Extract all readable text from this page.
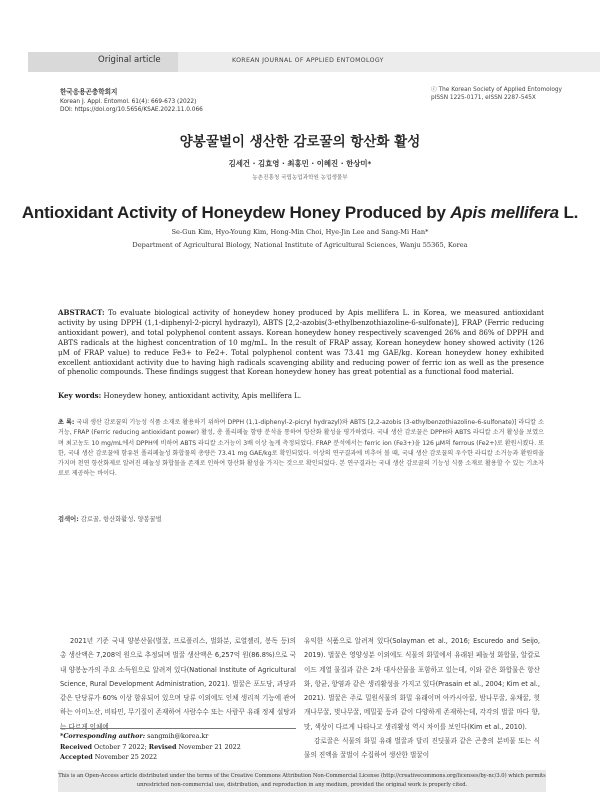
Original article	KOREAN JOURNAL OF APPLIED ENTOMOLOGY
한국응용곤충학회지
Korean J. Appl. Entomol. 61(4): 669-673 (2022)
DOI: https://doi.org/10.5656/KSAE.2022.11.0.066
ⓒ The Korean Society of Applied Entomology
pISSN 1225-0171, eISSN 2287-545X
양봉꿀벌이 생산한 감로꿀의 항산화 활성
김세건 · 김효영 · 최홍민 · 이혜진 · 한상미*
농촌진흥청 국립농업과학원 농업생물부
Antioxidant Activity of Honeydew Honey Produced by Apis mellifera L.
Se-Gun Kim, Hyo-Young Kim, Hong-Min Choi, Hye-Jin Lee and Sang-Mi Han*
Department of Agricultural Biology, National Institute of Agricultural Sciences, Wanju 55365, Korea
ABSTRACT: To evaluate biological activity of honeydew honey produced by Apis mellifera L. in Korea, we measured antioxidant activity by using DPPH (1,1-diphenyl-2-picryl hydrazyl), ABTS [2,2-azobis(3-ethylbenzothiazoline-6-sulfonate)], FRAP (Ferric reducing antioxidant power), and total polyphenol content assays. Korean honeydew honey respectively scavenged 26% and 86% of DPPH and ABTS radicals at the highest concentration of 10 mg/mL. In the result of FRAP assay, Korean honeydew honey showed activity (126 μM of FRAP value) to reduce Fe3+ to Fe2+. Total polyphenol content was 73.41 mg GAE/kg. Korean honeydew honey exhibited excellent antioxidant activity due to having high radicals scavenging ability and reducing power of ferric ion as well as the presence of phenolic compounds. These findings suggest that Korean honeydew honey has great potential as a functional food material.
Key words: Honeydew honey, antioxidant activity, Apis mellifera L.
초 록: 국내 생산 감로꿀의 기능성 식품 소재로 활용하기 위하여 DPPH (1,1-diphenyl-2-picryl hydrazyl)와 ABTS [2,2-azobis (3-ethylbenzothiazoline-6-sulfonate)] 라디칼 소거능, FRAP (Ferric reducing antioxidant power) 활성, 총 폴리페놀 함량 분석을 통하여 항산화 활성을 평가하였다. 국내 생산 감로꿀은 DPPH와 ABTS 라디칼 소거 활성을 보였으며 최고농도 10 mg/mL에서 DPPH에 비하여 ABTS 라디칼 소거능이 3배 이상 높게 측정되었다. FRAP 분석에서는 ferric ion (Fe3+)을 126 μM의 ferrous (Fe2+)로 환원시켰다. 또한, 국내 생산 감로꿀에 함유된 폴리페놀성 화합물의 총량은 73.41 mg GAE/kg로 확인되었다. 이상의 연구결과에 비추어 볼 때, 국내 생산 감로꿀의 우수한 라디칼 소거능과 환원력을 가지며 천연 항산화제로 알려진 페놀성 화합물을 존재로 인하여 항산화 활성을 가지는 것으로 확인되었다. 본 연구결과는 국내 생산 감로꿀의 기능성 식품 소재로 활용할 수 있는 기초자료로 제공하는 바이다.
검색어: 감로꿀, 항산화활성, 양봉꿀벌

2021년 기준 국내 양봉산물(벌꿀, 프로폴리스, 벌화분, 로열젤리, 봉독 등)의 총 생산액은 7,208억 원으로 추정되며 벌꿀 생산액은 6,257억 원(86.8%)으로 국내 양봉농가의 주요 소득원으로 알려져 있다(National Institute of Agricultural Science, Rural Development Administration, 2021). 벌꿀은 포도당, 과당과 같은 단당류가 60% 이상 함유되어 있으며 당류 이외에도 인체 생리적 기능에 관여하는 아미노산, 비타민, 무기질이 존재하여 사람수수 또는 사람꾸 유래 정제 설탕과는 다르게 인체에

유익한 식품으로 알려져 있다(Solayman et al., 2016; Escuredo and Seijo, 2019). 벌꿀은 영양성분 이외에도 식물의 화밀에서 유래된 페놀성 화합물, 알칼로이드 계열 물질과 같은 2차 대사산물을 포함하고 있는데, 이와 같은 화합물은 항산화, 항균, 항염과 같은 생리활성을 가지고 있다(Prasain et al., 2004; Kim et al., 2021). 벌꿀은 주로 밀원식물의 화밀 유래이며 아카시아꿀, 밤나무꿀, 유채꿀, 헛개나무꿀, 벚나무꿀, 메밀꽃 등과 같이 다양하게 존재하는데, 각각의 벌꿀 마다 향, 맛, 색상이 다르게 나타나고 생리활성 역시 차이를 보인다(Kim et al., 2010).

감로꿀은 식물의 화밀 유래 벌꿀과 달리 진딧물과 같은 곤충의 분비물 또는 식물의 진액을 꿀벌이 수집하여 생산한 벌꿀이

*Corresponding author: sangmih@korea.kr
Received October 7 2022; Revised November 21 2022
Accepted November 25 2022
This is an Open-Access article distributed under the terms of the Creative Commons Attribution Non-Commercial License (http://creativecommons.org/licenses/by-nc/3.0) which permits unrestricted non-commercial use, distribution, and reproduction in any medium, provided the original work is properly cited.
